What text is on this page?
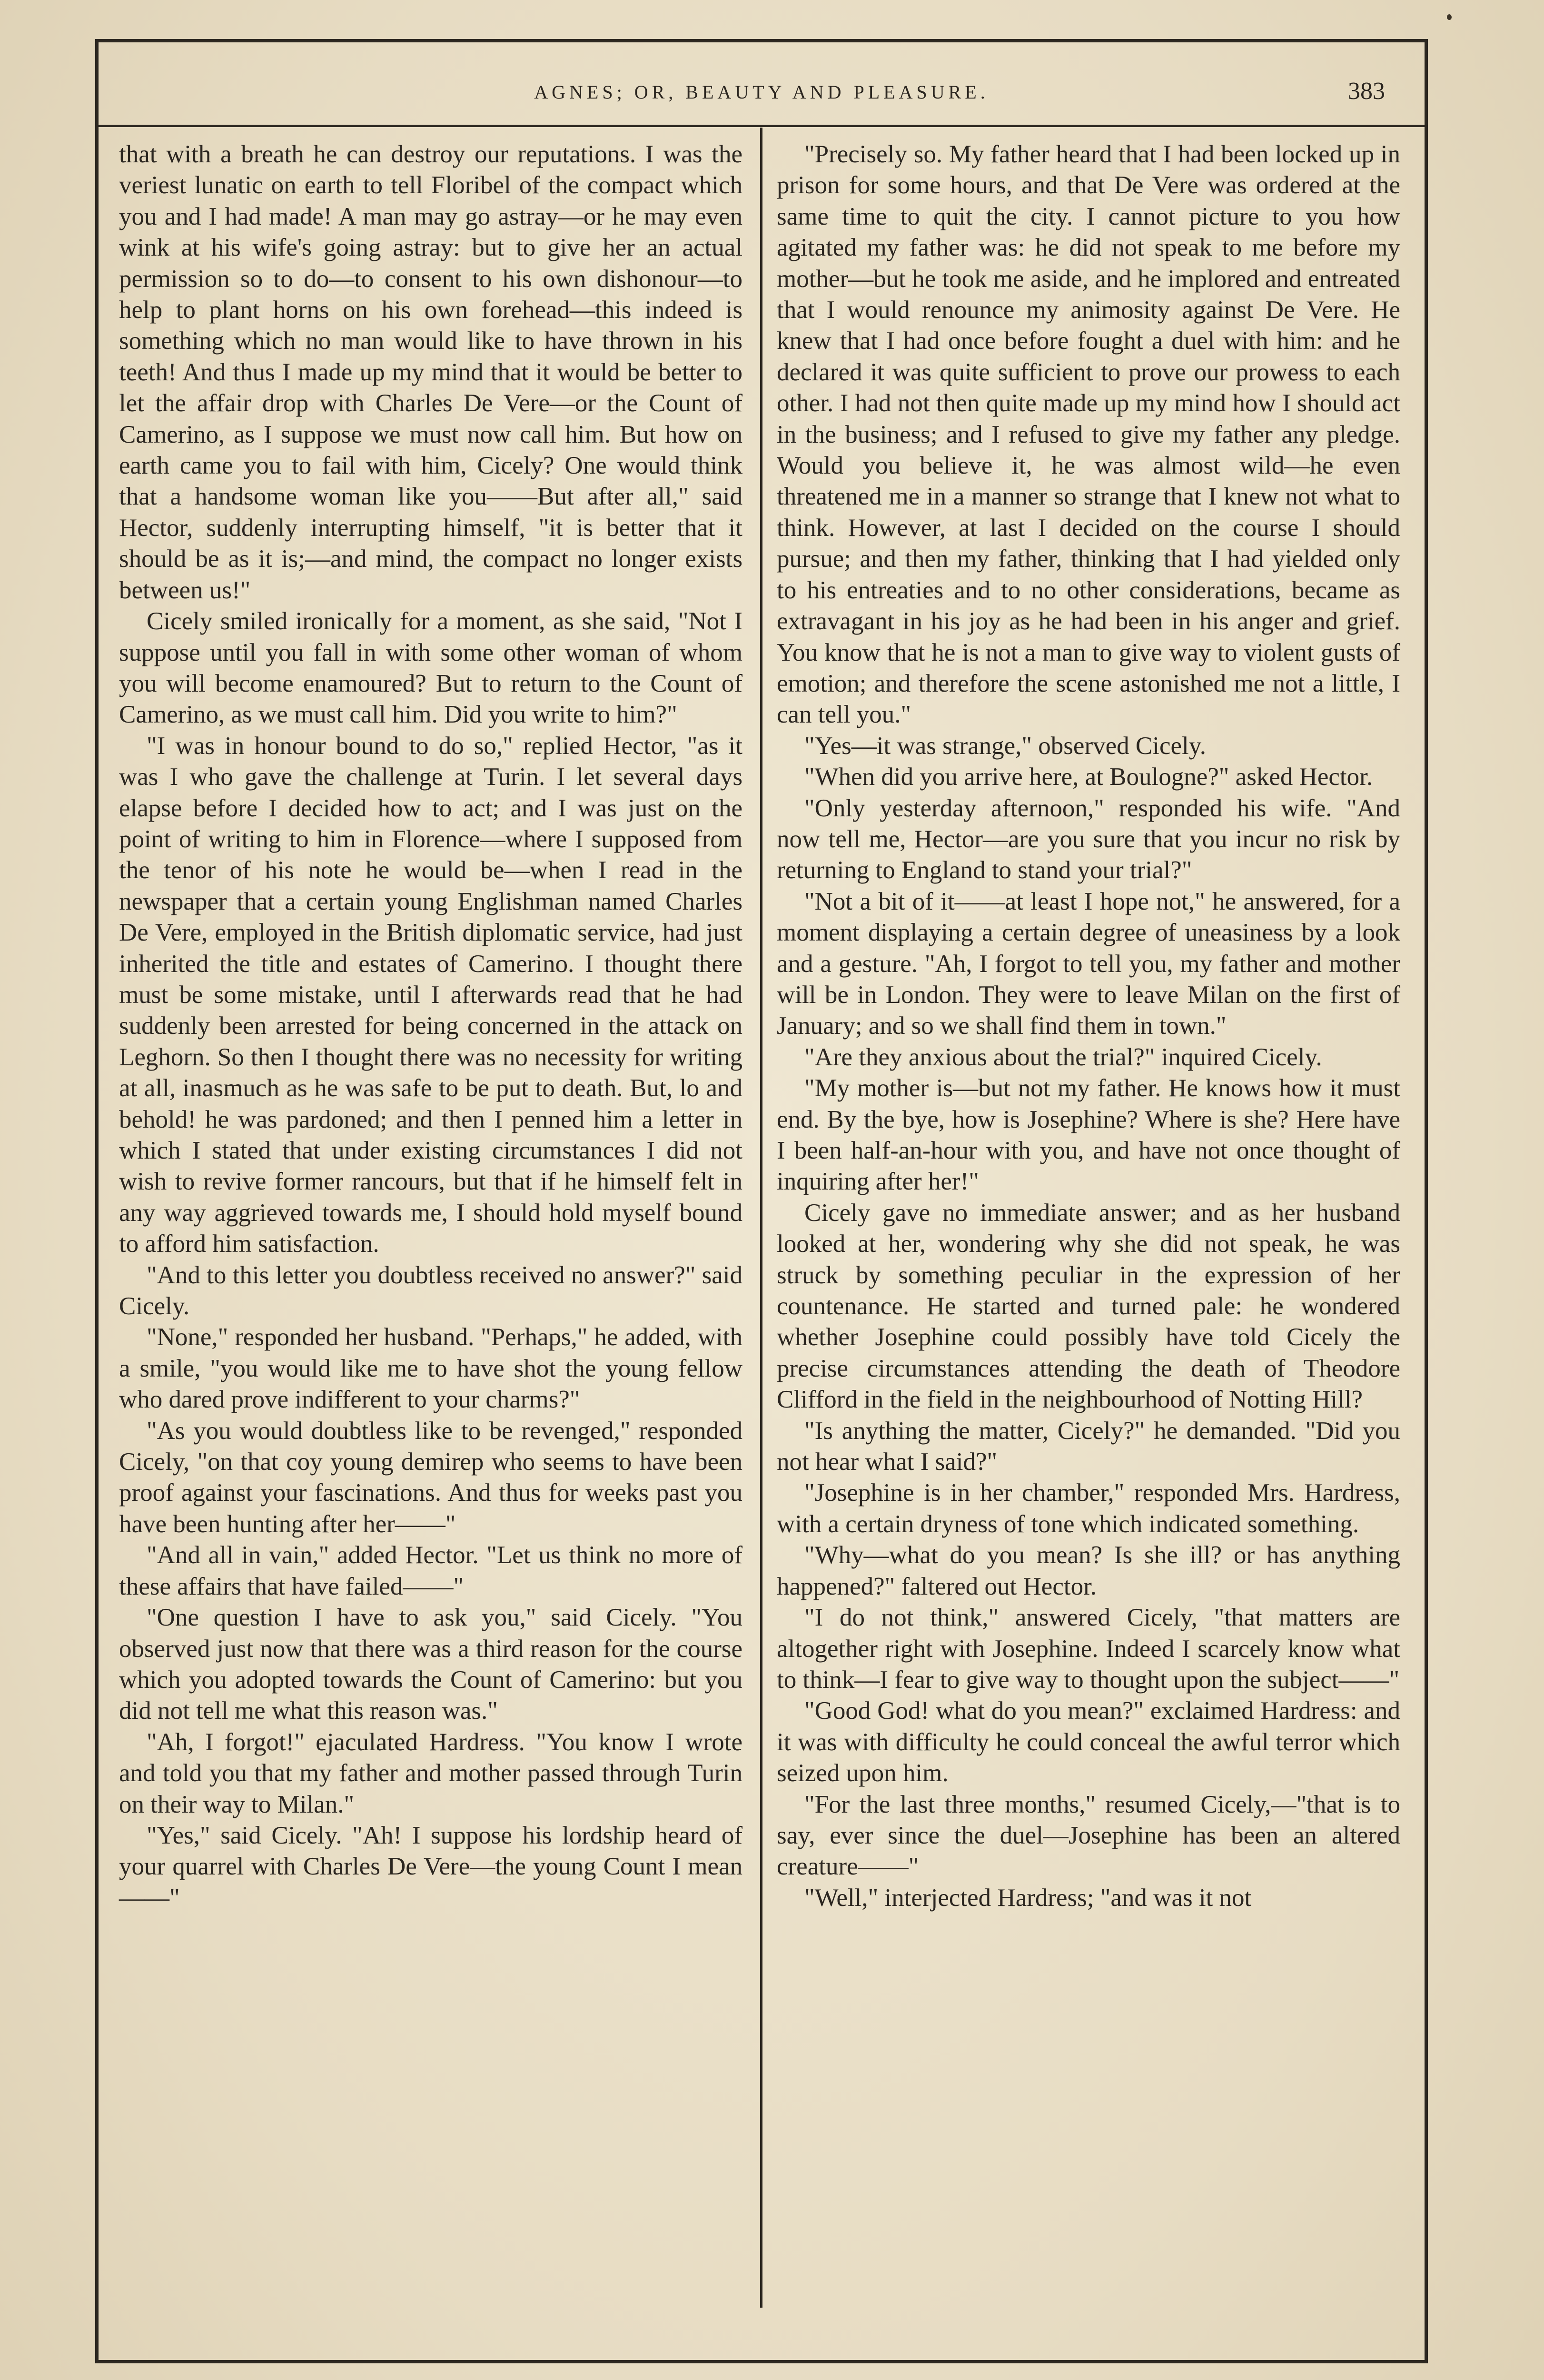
AGNES; OR, BEAUTY AND PLEASURE.	383

that with a breath he can destroy our reputations. I was the veriest lunatic on earth to tell Floribel of the compact which you and I had made! A man may go astray—or he may even wink at his wife's going astray: but to give her an actual permission so to do—to consent to his own dishonour—to help to plant horns on his own forehead—this indeed is something which no man would like to have thrown in his teeth! And thus I made up my mind that it would be better to let the affair drop with Charles De Vere—or the Count of Camerino, as I suppose we must now call him. But how on earth came you to fail with him, Cicely? One would think that a handsome woman like you——But after all," said Hector, suddenly interrupting himself, "it is better that it should be as it is;—and mind, the compact no longer exists between us!"

Cicely smiled ironically for a moment, as she said, "Not I suppose until you fall in with some other woman of whom you will become enamoured? But to return to the Count of Camerino, as we must call him. Did you write to him?"

"I was in honour bound to do so," replied Hector, "as it was I who gave the challenge at Turin. I let several days elapse before I decided how to act; and I was just on the point of writing to him in Florence—where I supposed from the tenor of his note he would be—when I read in the newspaper that a certain young Englishman named Charles De Vere, employed in the British diplomatic service, had just inherited the title and estates of Camerino. I thought there must be some mistake, until I afterwards read that he had suddenly been arrested for being concerned in the attack on Leghorn. So then I thought there was no necessity for writing at all, inasmuch as he was safe to be put to death. But, lo and behold! he was pardoned; and then I penned him a letter in which I stated that under existing circumstances I did not wish to revive former rancours, but that if he himself felt in any way aggrieved towards me, I should hold myself bound to afford him satisfaction.

"And to this letter you doubtless received no answer?" said Cicely.

"None," responded her husband. "Perhaps," he added, with a smile, "you would like me to have shot the young fellow who dared prove indifferent to your charms?"

"As you would doubtless like to be revenged," responded Cicely, "on that coy young demirep who seems to have been proof against your fascinations. And thus for weeks past you have been hunting after her——"

"And all in vain," added Hector. "Let us think no more of these affairs that have failed——"

"One question I have to ask you," said Cicely. "You observed just now that there was a third reason for the course which you adopted towards the Count of Camerino: but you did not tell me what this reason was."

"Ah, I forgot!" ejaculated Hardress. "You know I wrote and told you that my father and mother passed through Turin on their way to Milan."

"Yes," said Cicely. "Ah! I suppose his lordship heard of your quarrel with Charles De Vere—the young Count I mean——"

"Precisely so. My father heard that I had been locked up in prison for some hours, and that De Vere was ordered at the same time to quit the city. I cannot picture to you how agitated my father was: he did not speak to me before my mother—but he took me aside, and he implored and entreated that I would renounce my animosity against De Vere. He knew that I had once before fought a duel with him: and he declared it was quite sufficient to prove our prowess to each other. I had not then quite made up my mind how I should act in the business; and I refused to give my father any pledge. Would you believe it, he was almost wild—he even threatened me in a manner so strange that I knew not what to think. However, at last I decided on the course I should pursue; and then my father, thinking that I had yielded only to his entreaties and to no other considerations, became as extravagant in his joy as he had been in his anger and grief. You know that he is not a man to give way to violent gusts of emotion; and therefore the scene astonished me not a little, I can tell you."

"Yes—it was strange," observed Cicely.

"When did you arrive here, at Boulogne?" asked Hector.

"Only yesterday afternoon," responded his wife. "And now tell me, Hector—are you sure that you incur no risk by returning to England to stand your trial?"

"Not a bit of it——at least I hope not," he answered, for a moment displaying a certain degree of uneasiness by a look and a gesture. "Ah, I forgot to tell you, my father and mother will be in London. They were to leave Milan on the first of January; and so we shall find them in town."

"Are they anxious about the trial?" inquired Cicely.

"My mother is—but not my father. He knows how it must end. By the bye, how is Josephine? Where is she? Here have I been half-an-hour with you, and have not once thought of inquiring after her!"

Cicely gave no immediate answer; and as her husband looked at her, wondering why she did not speak, he was struck by something peculiar in the expression of her countenance. He started and turned pale: he wondered whether Josephine could possibly have told Cicely the precise circumstances attending the death of Theodore Clifford in the field in the neighbourhood of Notting Hill?

"Is anything the matter, Cicely?" he demanded. "Did you not hear what I said?"

"Josephine is in her chamber," responded Mrs. Hardress, with a certain dryness of tone which indicated something.

"Why—what do you mean? Is she ill? or has anything happened?" faltered out Hector.

"I do not think," answered Cicely, "that matters are altogether right with Josephine. Indeed I scarcely know what to think—I fear to give way to thought upon the subject——"

"Good God! what do you mean?" exclaimed Hardress: and it was with difficulty he could conceal the awful terror which seized upon him.

"For the last three months," resumed Cicely,—"that is to say, ever since the duel—Josephine has been an altered creature——"

"Well," interjected Hardress; "and was it not
